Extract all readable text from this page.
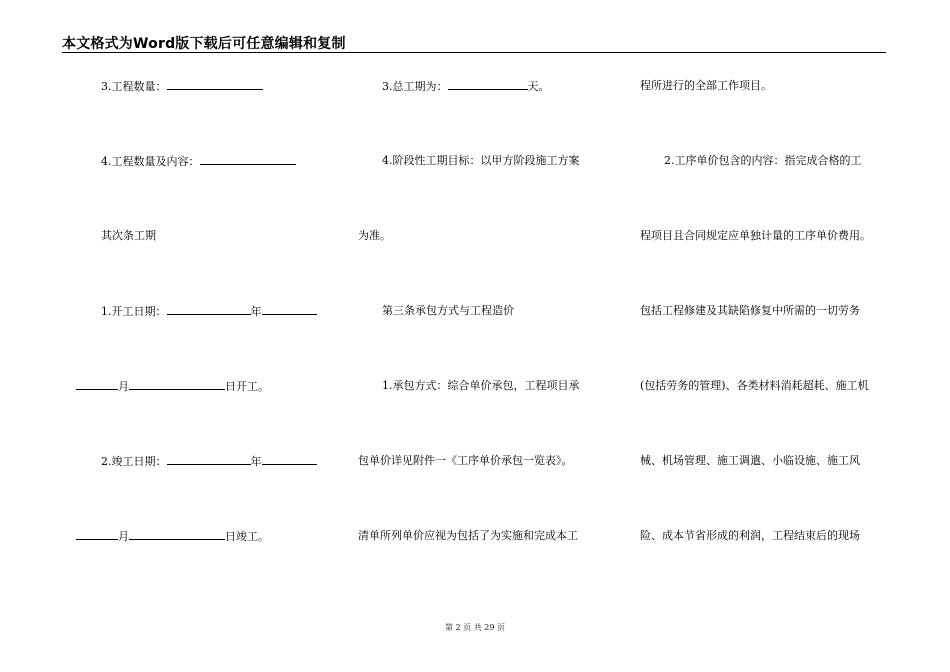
本文格式为Word版下载后可任意编辑和复制
3.工程数量：
4.工程数量及内容：
其次条工期
1.开工日期：	年
月	日开工。
2.竣工日期：	年
月	日竣工。
3.总工期为：	天。
4.阶段性工期目标：以甲方阶段施工方案
为准。
第三条承包方式与工程造价
1.承包方式：综合单价承包，工程项目承
包单价详见附件一《工序单价承包一览表》。
清单所列单价应视为包括了为实施和完成本工
程所进行的全部工作项目。
2.工序单价包含的内容：指完成合格的工
程项目且合同规定应单独计量的工序单价费用。
包括工程修建及其缺陷修复中所需的一切劳务
(包括劳务的管理)、各类材料消耗超耗、施工机
械、机场管理、施工调遣、小临设施、施工风
险、成本节省形成的利润，工程结束后的现场
第 2 页 共 29 页
